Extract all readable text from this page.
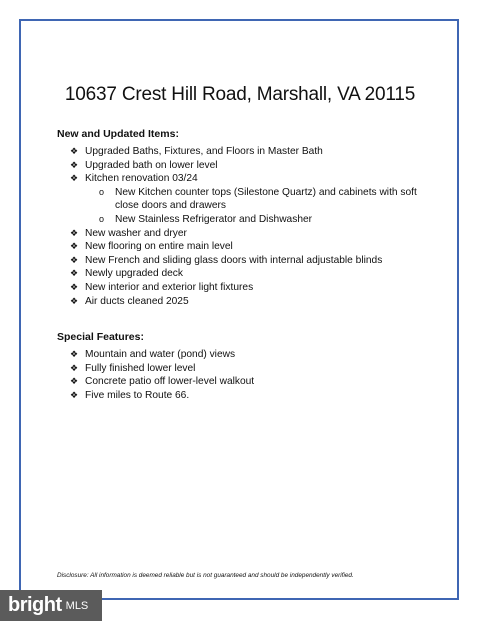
10637 Crest Hill Road, Marshall, VA 20115
New and Updated Items:
❖ Upgraded Baths, Fixtures, and Floors in Master Bath
❖ Upgraded bath on lower level
❖ Kitchen renovation 03/24
o New Kitchen counter tops (Silestone Quartz) and cabinets with soft close doors and drawers
o New Stainless Refrigerator and Dishwasher
❖ New washer and dryer
❖ New flooring on entire main level
❖ New French and sliding glass doors with internal adjustable blinds
❖ Newly upgraded deck
❖ New interior and exterior light fixtures
❖ Air ducts cleaned 2025
Special Features:
❖ Mountain and water (pond) views
❖ Fully finished lower level
❖ Concrete patio off lower-level walkout
❖ Five miles to Route 66.
Disclosure: All information is deemed reliable but is not guaranteed and should be independently verified.
bright MLS
